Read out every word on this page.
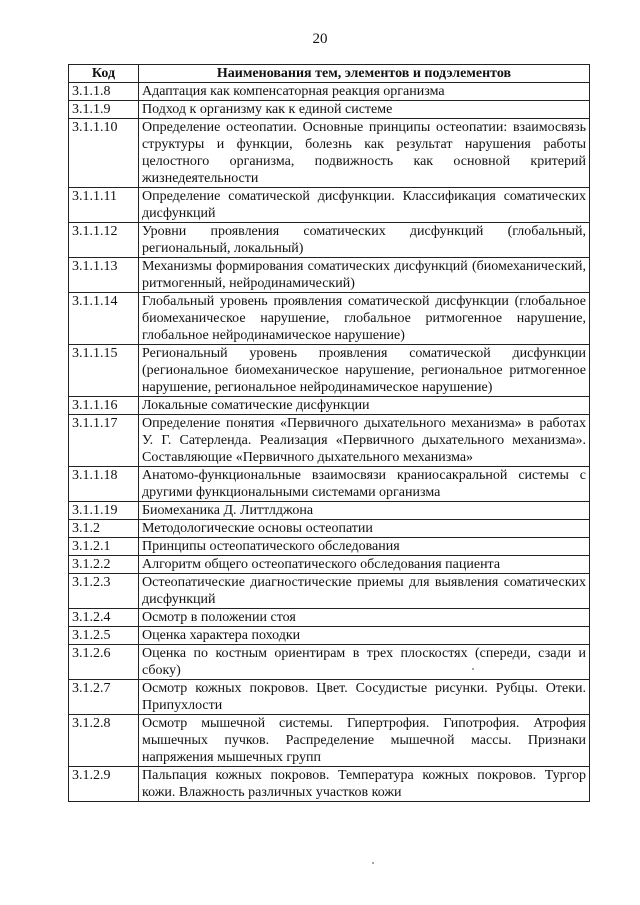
20
Код	Наименования тем, элементов и подэлементов
3.1.1.8	Адаптация как компенсаторная реакция организма
3.1.1.9	Подход к организму как к единой системе
3.1.1.10	Определение остеопатии. Основные принципы остеопатии: взаимосвязь структуры и функции, болезнь как результат нарушения работы целостного организма, подвижность как основной критерий жизнедеятельности
3.1.1.11	Определение соматической дисфункции. Классификация соматических дисфункций
3.1.1.12	Уровни проявления соматических дисфункций (глобальный, региональный, локальный)
3.1.1.13	Механизмы формирования соматических дисфункций (биомеханический, ритмогенный, нейродинамический)
3.1.1.14	Глобальный уровень проявления соматической дисфункции (глобальное биомеханическое нарушение, глобальное ритмогенное нарушение, глобальное нейродинамическое нарушение)
3.1.1.15	Региональный уровень проявления соматической дисфункции (региональное биомеханическое нарушение, региональное ритмогенное нарушение, региональное нейродинамическое нарушение)
3.1.1.16	Локальные соматические дисфункции
3.1.1.17	Определение понятия «Первичного дыхательного механизма» в работах У. Г. Сатерленда. Реализация «Первичного дыхательного механизма». Составляющие «Первичного дыхательного механизма»
3.1.1.18	Анатомо-функциональные взаимосвязи краниосакральной системы с другими функциональными системами организма
3.1.1.19	Биомеханика Д. Литтлджона
3.1.2	Методологические основы остеопатии
3.1.2.1	Принципы остеопатического обследования
3.1.2.2	Алгоритм общего остеопатического обследования пациента
3.1.2.3	Остеопатические диагностические приемы для выявления соматических дисфункций
3.1.2.4	Осмотр в положении стоя
3.1.2.5	Оценка характера походки
3.1.2.6	Оценка по костным ориентирам в трех плоскостях (спереди, сзади и сбоку)
3.1.2.7	Осмотр кожных покровов. Цвет. Сосудистые рисунки. Рубцы. Отеки. Припухлости
3.1.2.8	Осмотр мышечной системы. Гипертрофия. Гипотрофия. Атрофия мышечных пучков. Распределение мышечной массы. Признаки напряжения мышечных групп
3.1.2.9	Пальпация кожных покровов. Температура кожных покровов. Тургор кожи. Влажность различных участков кожи
